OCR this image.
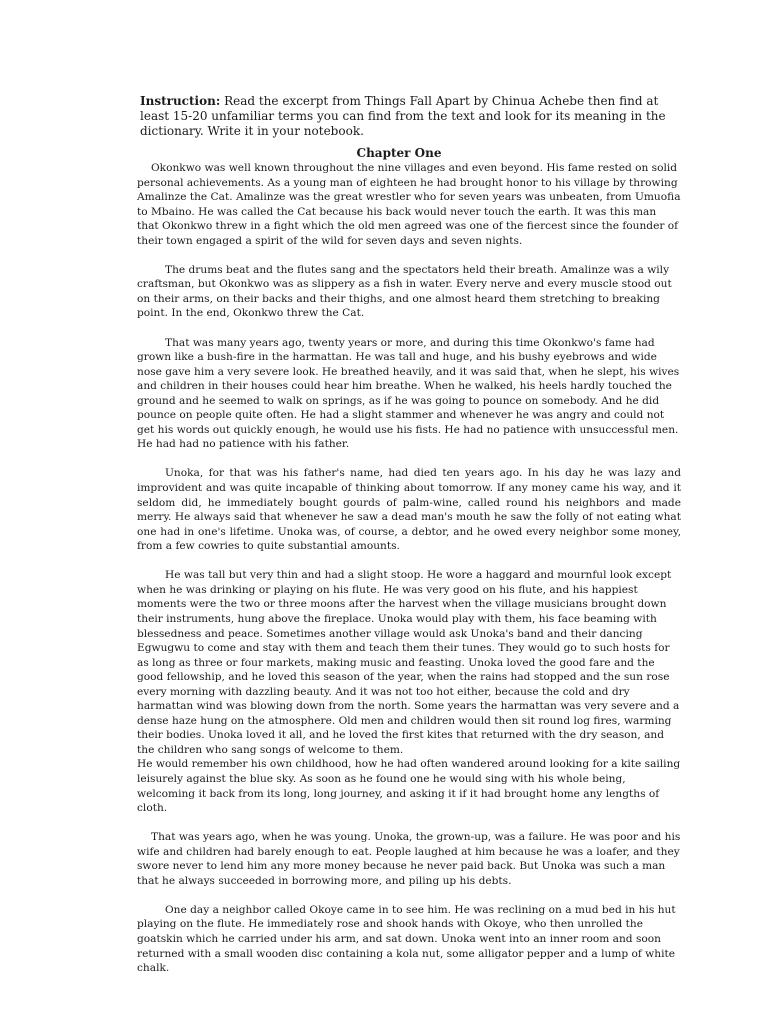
Instruction: Read the excerpt from Things Fall Apart by Chinua Achebe then find at least 15-20 unfamiliar terms you can find from the text and look for its meaning in the dictionary. Write it in your notebook.

Chapter One

Okonkwo was well known throughout the nine villages and even beyond. His fame rested on solid personal achievements. As a young man of eighteen he had brought honor to his village by throwing Amalinze the Cat. Amalinze was the great wrestler who for seven years was unbeaten, from Umuofia to Mbaino. He was called the Cat because his back would never touch the earth. It was this man that Okonkwo threw in a fight which the old men agreed was one of the fiercest since the founder of their town engaged a spirit of the wild for seven days and seven nights.

The drums beat and the flutes sang and the spectators held their breath. Amalinze was a wily craftsman, but Okonkwo was as slippery as a fish in water. Every nerve and every muscle stood out on their arms, on their backs and their thighs, and one almost heard them stretching to breaking point. In the end, Okonkwo threw the Cat.

That was many years ago, twenty years or more, and during this time Okonkwo's fame had grown like a bush-fire in the harmattan. He was tall and huge, and his bushy eyebrows and wide nose gave him a very severe look. He breathed heavily, and it was said that, when he slept, his wives and children in their houses could hear him breathe. When he walked, his heels hardly touched the ground and he seemed to walk on springs, as if he was going to pounce on somebody. And he did pounce on people quite often. He had a slight stammer and whenever he was angry and could not get his words out quickly enough, he would use his fists. He had no patience with unsuccessful men. He had had no patience with his father.

Unoka, for that was his father's name, had died ten years ago. In his day he was lazy and improvident and was quite incapable of thinking about tomorrow. If any money came his way, and it seldom did, he immediately bought gourds of palm-wine, called round his neighbors and made merry. He always said that whenever he saw a dead man's mouth he saw the folly of not eating what one had in one's lifetime. Unoka was, of course, a debtor, and he owed every neighbor some money, from a few cowries to quite substantial amounts.

He was tall but very thin and had a slight stoop. He wore a haggard and mournful look except when he was drinking or playing on his flute. He was very good on his flute, and his happiest moments were the two or three moons after the harvest when the village musicians brought down their instruments, hung above the fireplace. Unoka would play with them, his face beaming with blessedness and peace. Sometimes another village would ask Unoka's band and their dancing Egwugwu to come and stay with them and teach them their tunes. They would go to such hosts for as long as three or four markets, making music and feasting. Unoka loved the good fare and the good fellowship, and he loved this season of the year, when the rains had stopped and the sun rose every morning with dazzling beauty. And it was not too hot either, because the cold and dry harmattan wind was blowing down from the north. Some years the harmattan was very severe and a dense haze hung on the atmosphere. Old men and children would then sit round log fires, warming their bodies. Unoka loved it all, and he loved the first kites that returned with the dry season, and the children who sang songs of welcome to them.

He would remember his own childhood, how he had often wandered around looking for a kite sailing leisurely against the blue sky. As soon as he found one he would sing with his whole being, welcoming it back from its long, long journey, and asking it if it had brought home any lengths of cloth.

That was years ago, when he was young. Unoka, the grown-up, was a failure. He was poor and his wife and children had barely enough to eat. People laughed at him because he was a loafer, and they swore never to lend him any more money because he never paid back. But Unoka was such a man that he always succeeded in borrowing more, and piling up his debts.

One day a neighbor called Okoye came in to see him. He was reclining on a mud bed in his hut playing on the flute. He immediately rose and shook hands with Okoye, who then unrolled the goatskin which he carried under his arm, and sat down. Unoka went into an inner room and soon returned with a small wooden disc containing a kola nut, some alligator pepper and a lump of white chalk.
